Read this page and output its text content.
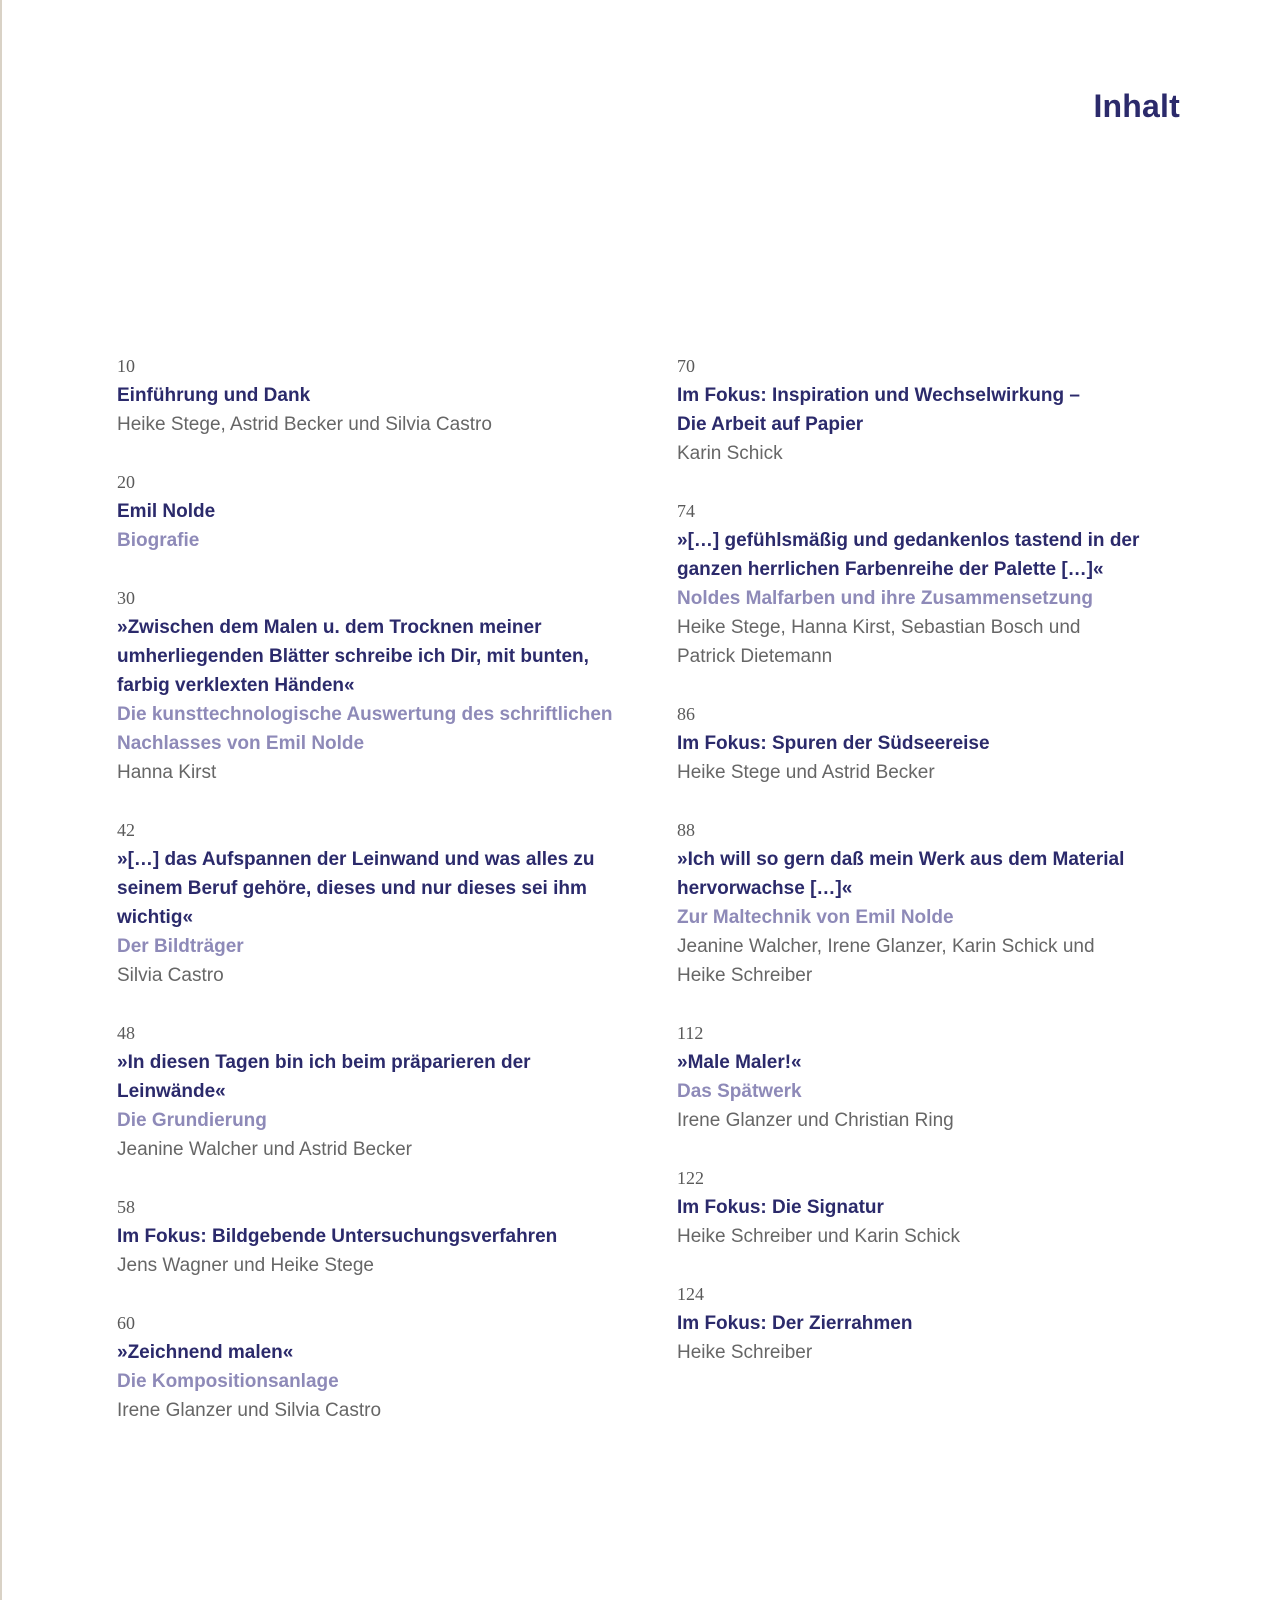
Inhalt
10
Einführung und Dank
Heike Stege, Astrid Becker und Silvia Castro
20
Emil Nolde
Biografie
30
»Zwischen dem Malen u. dem Trocknen meiner
umherliegenden Blätter schreibe ich Dir, mit bunten,
farbig verklexten Händen«
Die kunsttechnologische Auswertung des schriftlichen
Nachlasses von Emil Nolde
Hanna Kirst
42
»[…] das Aufspannen der Leinwand und was alles zu
seinem Beruf gehöre, dieses und nur dieses sei ihm
wichtig«
Der Bildträger
Silvia Castro
48
»In diesen Tagen bin ich beim präparieren der
Leinwände«
Die Grundierung
Jeanine Walcher und Astrid Becker
58
Im Fokus: Bildgebende Untersuchungsverfahren
Jens Wagner und Heike Stege
60
»Zeichnend malen«
Die Kompositionsanlage
Irene Glanzer und Silvia Castro
70
Im Fokus: Inspiration und Wechselwirkung –
Die Arbeit auf Papier
Karin Schick
74
»[…] gefühlsmäßig und gedankenlos tastend in der
ganzen herrlichen Farbenreihe der Palette […]«
Noldes Malfarben und ihre Zusammensetzung
Heike Stege, Hanna Kirst, Sebastian Bosch und
Patrick Dietemann
86
Im Fokus: Spuren der Südseereise
Heike Stege und Astrid Becker
88
»Ich will so gern daß mein Werk aus dem Material
hervorwachse […]«
Zur Maltechnik von Emil Nolde
Jeanine Walcher, Irene Glanzer, Karin Schick und
Heike Schreiber
112
»Male Maler!«
Das Spätwerk
Irene Glanzer und Christian Ring
122
Im Fokus: Die Signatur
Heike Schreiber und Karin Schick
124
Im Fokus: Der Zierrahmen
Heike Schreiber
